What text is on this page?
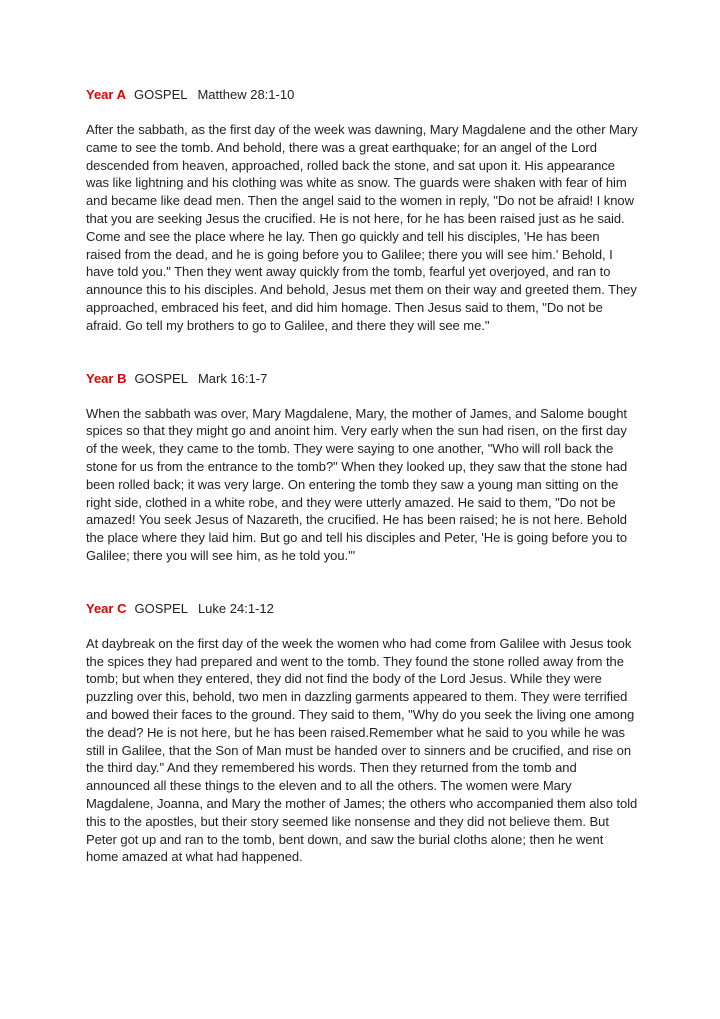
Year A GOSPEL Matthew 28:1-10

After the sabbath, as the first day of the week was dawning, Mary Magdalene and the other Mary came to see the tomb. And behold, there was a great earthquake; for an angel of the Lord descended from heaven, approached, rolled back the stone, and sat upon it. His appearance was like lightning and his clothing was white as snow. The guards were shaken with fear of him and became like dead men. Then the angel said to the women in reply, "Do not be afraid! I know that you are seeking Jesus the crucified. He is not here, for he has been raised just as he said. Come and see the place where he lay. Then go quickly and tell his disciples, 'He has been raised from the dead, and he is going before you to Galilee; there you will see him.' Behold, I have told you." Then they went away quickly from the tomb, fearful yet overjoyed, and ran to announce this to his disciples. And behold, Jesus met them on their way and greeted them. They approached, embraced his feet, and did him homage. Then Jesus said to them, "Do not be afraid. Go tell my brothers to go to Galilee, and there they will see me."

Year B GOSPEL Mark 16:1-7

When the sabbath was over, Mary Magdalene, Mary, the mother of James, and Salome bought spices so that they might go and anoint him. Very early when the sun had risen, on the first day of the week, they came to the tomb. They were saying to one another, "Who will roll back the stone for us from the entrance to the tomb?" When they looked up, they saw that the stone had been rolled back; it was very large. On entering the tomb they saw a young man sitting on the right side, clothed in a white robe, and they were utterly amazed. He said to them, "Do not be amazed! You seek Jesus of Nazareth, the crucified. He has been raised; he is not here. Behold the place where they laid him. But go and tell his disciples and Peter, 'He is going before you to Galilee; there you will see him, as he told you.'"

Year C GOSPEL Luke 24:1-12

At daybreak on the first day of the week the women who had come from Galilee with Jesus took the spices they had prepared and went to the tomb. They found the stone rolled away from the tomb; but when they entered, they did not find the body of the Lord Jesus. While they were puzzling over this, behold, two men in dazzling garments appeared to them. They were terrified and bowed their faces to the ground. They said to them, "Why do you seek the living one among the dead? He is not here, but he has been raised.Remember what he said to you while he was still in Galilee, that the Son of Man must be handed over to sinners and be crucified, and rise on the third day." And they remembered his words. Then they returned from the tomb and announced all these things to the eleven and to all the others. The women were Mary Magdalene, Joanna, and Mary the mother of James; the others who accompanied them also told this to the apostles, but their story seemed like nonsense and they did not believe them. But Peter got up and ran to the tomb, bent down, and saw the burial cloths alone; then he went home amazed at what had happened.
